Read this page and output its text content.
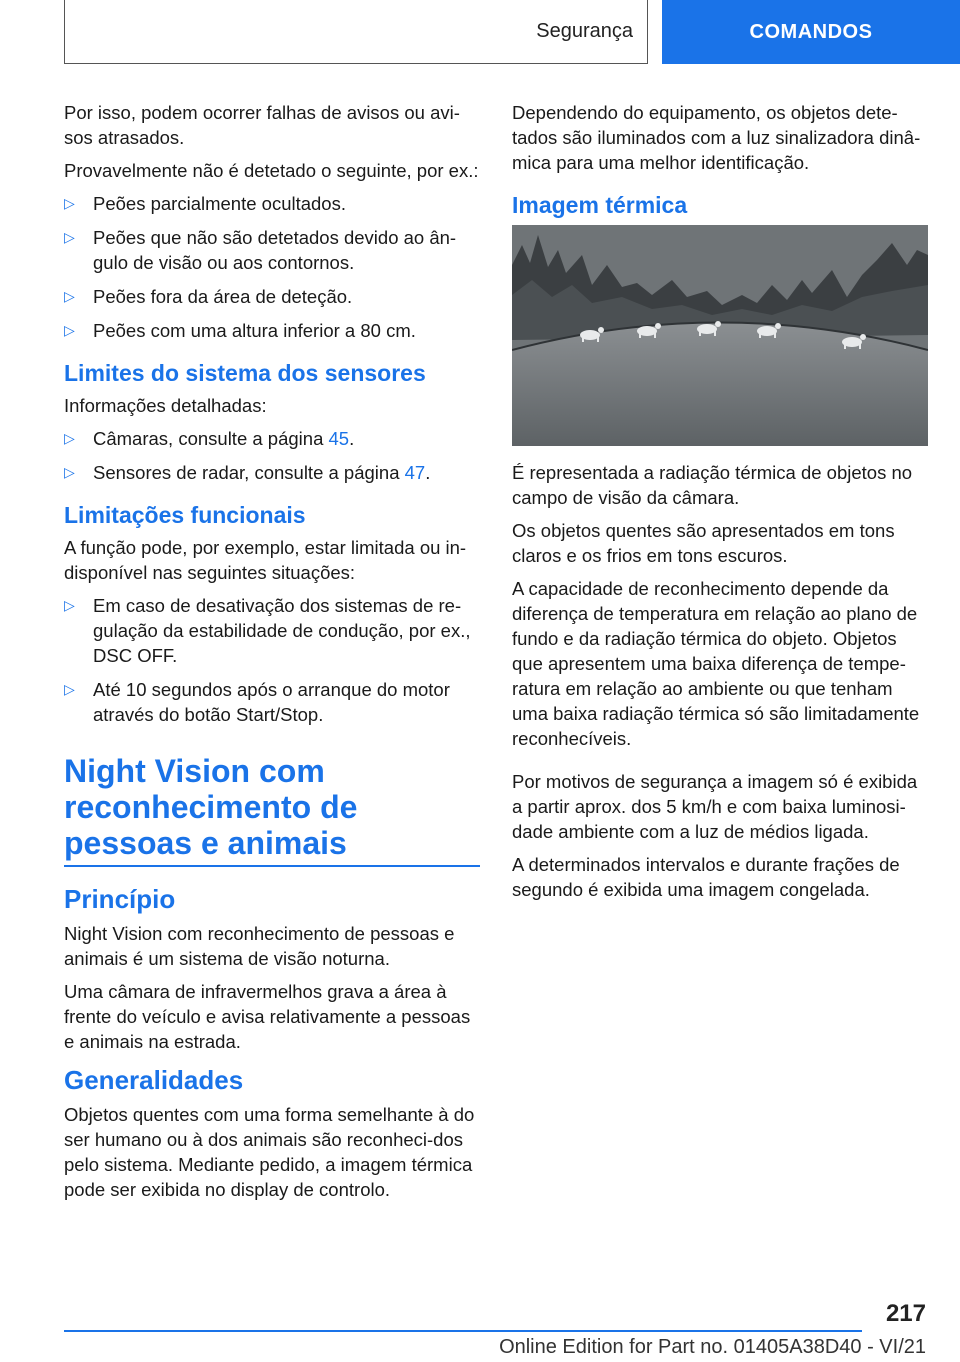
Segurança	COMANDOS

Por isso, podem ocorrer falhas de avisos ou avi-sos atrasados.

Provavelmente não é detetado o seguinte, por ex.:

▷ Peões parcialmente ocultados.
▷ Peões que não são detetados devido ao ân-gulo de visão ou aos contornos.
▷ Peões fora da área de deteção.
▷ Peões com uma altura inferior a 80 cm.
Limites do sistema dos sensores

Informações detalhadas:

▷ Câmaras, consulte a página 45.
▷ Sensores de radar, consulte a página 47.
Limitações funcionais

A função pode, por exemplo, estar limitada ou in-disponível nas seguintes situações:

▷ Em caso de desativação dos sistemas de re-gulação da estabilidade de condução, por ex., DSC OFF.
▷ Até 10 segundos após o arranque do motor através do botão Start/Stop.
Night Vision com reconhecimento de pessoas e animais
Princípio

Night Vision com reconhecimento de pessoas e animais é um sistema de visão noturna.

Uma câmara de infravermelhos grava a área à frente do veículo e avisa relativamente a pessoas e animais na estrada.

Generalidades

Objetos quentes com uma forma semelhante à do ser humano ou à dos animais são reconheci-dos pelo sistema. Mediante pedido, a imagem térmica pode ser exibida no display de controlo.

Dependendo do equipamento, os objetos dete-tados são iluminados com a luz sinalizadora dinâ-mica para uma melhor identificação.

Imagem térmica

É representada a radiação térmica de objetos no campo de visão da câmara.

Os objetos quentes são apresentados em tons claros e os frios em tons escuros.

A capacidade de reconhecimento depende da diferença de temperatura em relação ao plano de fundo e da radiação térmica do objeto. Objetos que apresentem uma baixa diferença de tempe-ratura em relação ao ambiente ou que tenham uma baixa radiação térmica só são limitadamente reconhecíveis.

Por motivos de segurança a imagem só é exibida a partir aprox. dos 5 km/h e com baixa luminosi-dade ambiente com a luz de médios ligada.

A determinados intervalos e durante frações de segundo é exibida uma imagem congelada.

217
Online Edition for Part no. 01405A38D40 - VI/21
